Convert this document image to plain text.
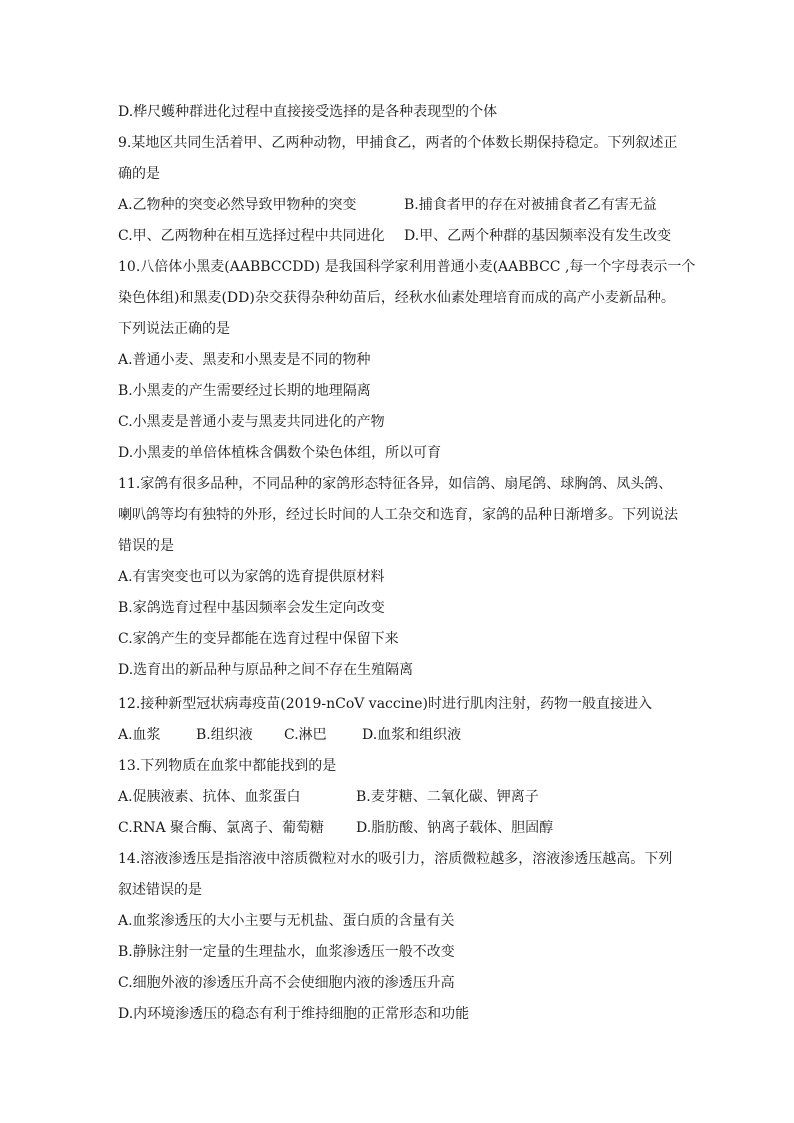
D.桦尺蠖种群进化过程中直接接受选择的是各种表现型的个体
9.某地区共同生活着甲、乙两种动物，甲捕食乙，两者的个体数长期保持稳定。下列叙述正
确的是
A.乙物种的突变必然导致甲物种的突变	B.捕食者甲的存在对被捕食者乙有害无益
C.甲、乙两物种在相互选择过程中共同进化 D.甲、乙两个种群的基因频率没有发生改变
10.八倍体小黑麦(AABBCCDD) 是我国科学家利用普通小麦(AABBCC ,每一个字母表示一个
染色体组)和黑麦(DD)杂交获得杂种幼苗后，经秋水仙素处理培育而成的高产小麦新品种。
下列说法正确的是
A.普通小麦、黑麦和小黑麦是不同的物种
B.小黑麦的产生需要经过长期的地理隔离
C.小黑麦是普通小麦与黑麦共同进化的产物
D.小黑麦的单倍体植株含偶数个染色体组，所以可育
11.家鸽有很多品种，不同品种的家鸽形态特征各异，如信鸽、扇尾鸽、球胸鸽、凤头鸽、
喇叭鸽等均有独特的外形，经过长时间的人工杂交和选育，家鸽的品种日渐增多。下列说法
错误的是
A.有害突变也可以为家鸽的选育提供原材料
B.家鸽选育过程中基因频率会发生定向改变
C.家鸽产生的变异都能在选育过程中保留下来
D.选育出的新品种与原品种之间不存在生殖隔离
12.接种新型冠状病毒疫苗(2019-nCoV vaccine)时进行肌肉注射，药物一般直接进入
A.血浆	B.组织液 C.淋巴	D.血浆和组织液
13.下列物质在血浆中都能找到的是
A.促胰液素、抗体、血浆蛋白	B.麦芽糖、二氧化碳、钾离子
C.RNA 聚合酶、氯离子、葡萄糖 D.脂肪酸、钠离子载体、胆固醇
14.溶液渗透压是指溶液中溶质微粒对水的吸引力，溶质微粒越多，溶液渗透压越高。下列
叙述错误的是
A.血浆渗透压的大小主要与无机盐、蛋白质的含量有关
B.静脉注射一定量的生理盐水，血浆渗透压一般不改变
C.细胞外液的渗透压升高不会使细胞内液的渗透压升高
D.内环境渗透压的稳态有利于维持细胞的正常形态和功能
